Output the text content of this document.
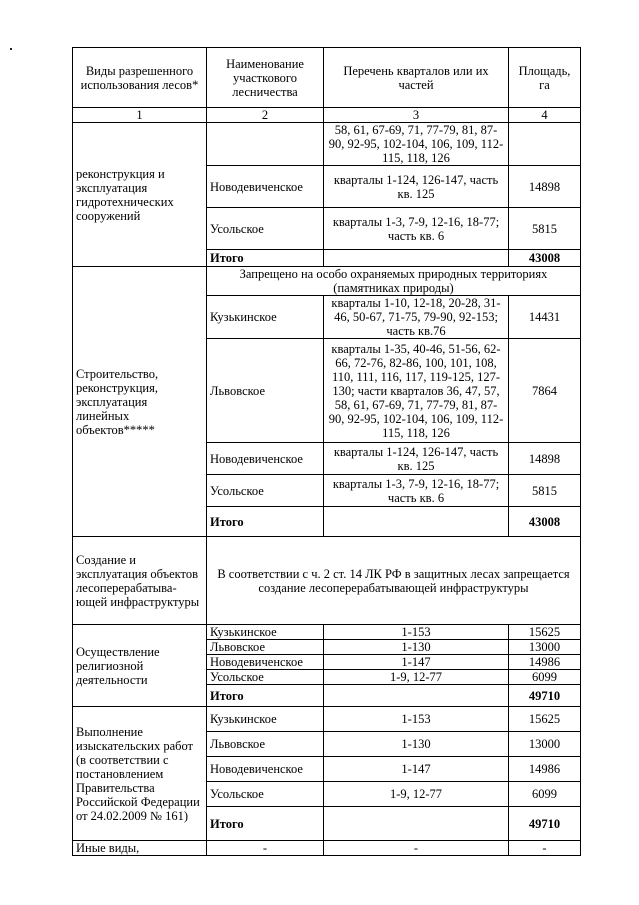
Виды разрешенного использования лесов*	Наименование участкового лесничества	Перечень кварталов или их частей	Площадь, га
1	2	3	4
реконструкция и эксплуатация гидротехнических сооружений		58, 61, 67-69, 71, 77-79, 81, 87-90, 92-95, 102-104, 106, 109, 112-115, 118, 126	
	Новодевиченское	кварталы 1-124, 126-147, часть кв. 125	14898
	Усольское	кварталы 1-3, 7-9, 12-16, 18-77; часть кв. 6	5815
	Итого		43008
Строительство, реконструкция, эксплуатация линейных объектов*****	Запрещено на особо охраняемых природных территориях (памятниках природы)		
	Кузькинское	кварталы 1-10, 12-18, 20-28, 31-46, 50-67, 71-75, 79-90, 92-153; часть кв.76	14431
	Львовское	кварталы 1-35, 40-46, 51-56, 62-66, 72-76, 82-86, 100, 101, 108, 110, 111, 116, 117, 119-125, 127-130; части кварталов 36, 47, 57, 58, 61, 67-69, 71, 77-79, 81, 87-90, 92-95, 102-104, 106, 109, 112-115, 118, 126	7864
	Новодевиченское	кварталы 1-124, 126-147, часть кв. 125	14898
	Усольское	кварталы 1-3, 7-9, 12-16, 18-77; часть кв. 6	5815
	Итого		43008
Создание и эксплуатация объектов лесоперерабатыва-ющей инфраструктуры	В соответствии с ч. 2 ст. 14 ЛК РФ в защитных лесах запрещается создание лесоперерабатывающей инфраструктуры		
Осуществление религиозной деятельности	Кузькинское	1-153	15625
	Львовское	1-130	13000
	Новодевиченское	1-147	14986
	Усольское	1-9, 12-77	6099
	Итого		49710
Выполнение изыскательских работ (в соответствии с постановлением Правительства Российской Федерации от 24.02.2009 № 161)	Кузькинское	1-153	15625
	Львовское	1-130	13000
	Новодевиченское	1-147	14986
	Усольское	1-9, 12-77	6099
	Итого		49710
Иные виды,	-	-	-
